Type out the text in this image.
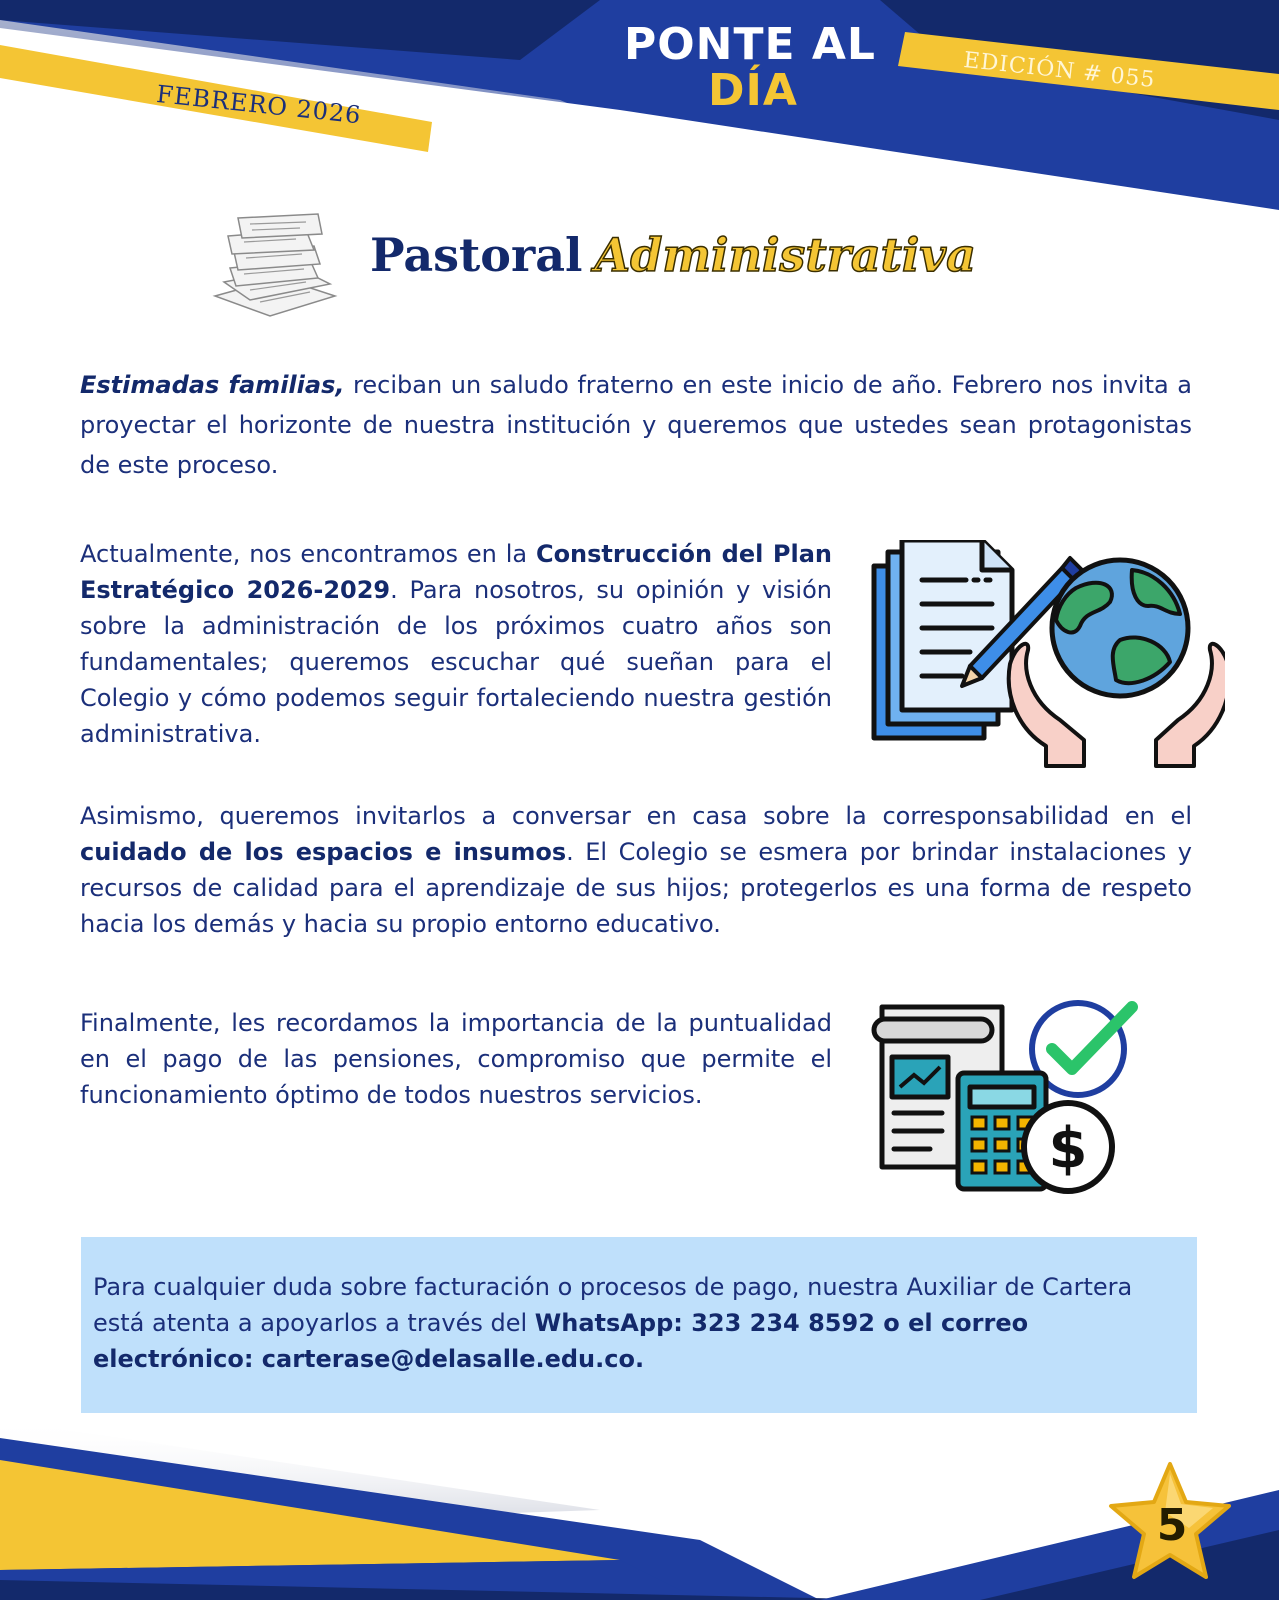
PONTE AL
DÍA
FEBRERO 2026
EDICIÓN # 055
Pastoral Administrativa

Estimadas familias, reciban un saludo fraterno en este inicio de año. Febrero nos invita a proyectar el horizonte de nuestra institución y queremos que ustedes sean protagonistas de este proceso.

Actualmente, nos encontramos en la Construcción del Plan Estratégico 2026-2029. Para nosotros, su opinión y visión sobre la administración de los próximos cuatro años son fundamentales; queremos escuchar qué sueñan para el Colegio y cómo podemos seguir fortaleciendo nuestra gestión administrativa.

Asimismo, queremos invitarlos a conversar en casa sobre la corresponsabilidad en el cuidado de los espacios e insumos. El Colegio se esmera por brindar instalaciones y recursos de calidad para el aprendizaje de sus hijos; protegerlos es una forma de respeto hacia los demás y hacia su propio entorno educativo.

Finalmente, les recordamos la importancia de la puntualidad en el pago de las pensiones, compromiso que permite el funcionamiento óptimo de todos nuestros servicios.

$

Para cualquier duda sobre facturación o procesos de pago, nuestra Auxiliar de Cartera está atenta a apoyarlos a través del WhatsApp: 323 234 8592 o el correo electrónico: carterase@delasalle.edu.co.

5
